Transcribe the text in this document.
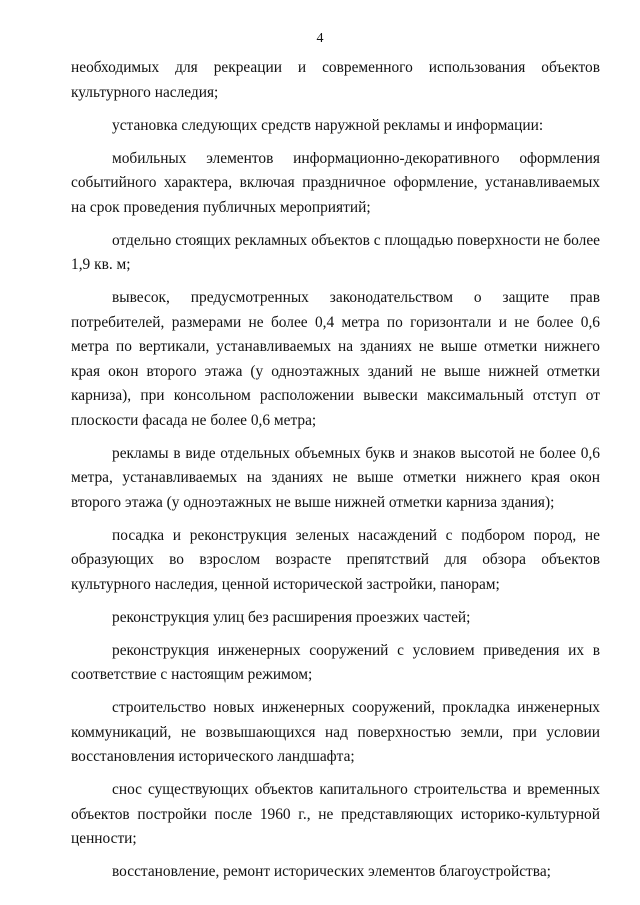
4

необходимых для рекреации и современного использования объектов культурного наследия;

установка следующих средств наружной рекламы и информации:

мобильных элементов информационно-декоративного оформления событийного характера, включая праздничное оформление, устанавливаемых на срок проведения публичных мероприятий;

отдельно стоящих рекламных объектов с площадью поверхности не более 1,9 кв. м;

вывесок, предусмотренных законодательством о защите прав потребителей, размерами не более 0,4 метра по горизонтали и не более 0,6 метра по вертикали, устанавливаемых на зданиях не выше отметки нижнего края окон второго этажа (у одноэтажных зданий не выше нижней отметки карниза), при консольном расположении вывески максимальный отступ от плоскости фасада не более 0,6 метра;

рекламы в виде отдельных объемных букв и знаков высотой не более 0,6 метра, устанавливаемых на зданиях не выше отметки нижнего края окон второго этажа (у одноэтажных не выше нижней отметки карниза здания);

посадка и реконструкция зеленых насаждений с подбором пород, не образующих во взрослом возрасте препятствий для обзора объектов культурного наследия, ценной исторической застройки, панорам;

реконструкция улиц без расширения проезжих частей;

реконструкция инженерных сооружений с условием приведения их в соответствие с настоящим режимом;

строительство новых инженерных сооружений, прокладка инженерных коммуникаций, не возвышающихся над поверхностью земли, при условии восстановления исторического ландшафта;

снос существующих объектов капитального строительства и временных объектов постройки после 1960 г., не представляющих историко-культурной ценности;

восстановление, ремонт исторических элементов благоустройства;
